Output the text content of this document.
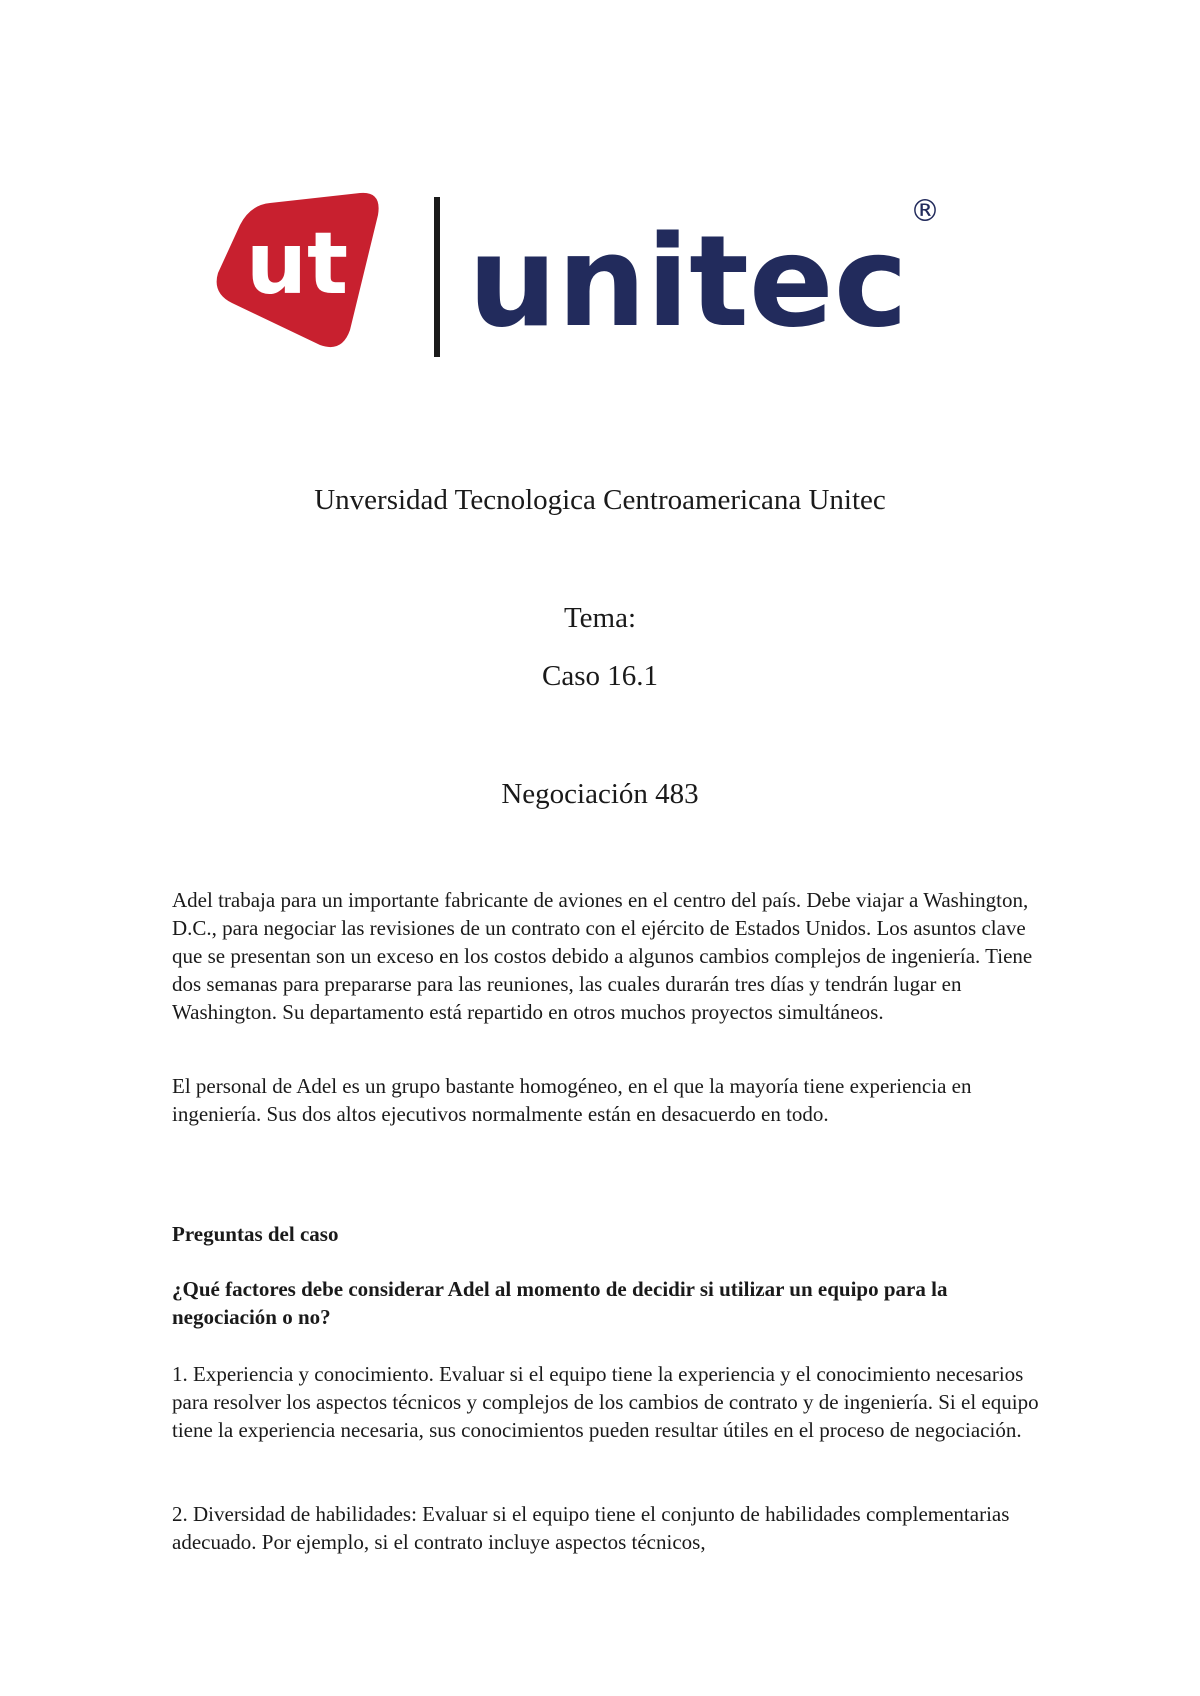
ut unitec ®
Unversidad Tecnologica Centroamericana Unitec
Tema:
Caso 16.1
Negociación 483

Adel trabaja para un importante fabricante de aviones en el centro del país. Debe viajar a Washington, D.C., para negociar las revisiones de un contrato con el ejército de Estados Unidos. Los asuntos clave que se presentan son un exceso en los costos debido a algunos cambios complejos de ingeniería. Tiene dos semanas para prepararse para las reuniones, las cuales durarán tres días y tendrán lugar en Washington. Su departamento está repartido en otros muchos proyectos simultáneos.

El personal de Adel es un grupo bastante homogéneo, en el que la mayoría tiene experiencia en ingeniería. Sus dos altos ejecutivos normalmente están en desacuerdo en todo.

Preguntas del caso

¿Qué factores debe considerar Adel al momento de decidir si utilizar un equipo para la negociación o no?

1. Experiencia y conocimiento. Evaluar si el equipo tiene la experiencia y el conocimiento necesarios para resolver los aspectos técnicos y complejos de los cambios de contrato y de ingeniería. Si el equipo tiene la experiencia necesaria, sus conocimientos pueden resultar útiles en el proceso de negociación.

2. Diversidad de habilidades: Evaluar si el equipo tiene el conjunto de habilidades complementarias adecuado. Por ejemplo, si el contrato incluye aspectos técnicos,
